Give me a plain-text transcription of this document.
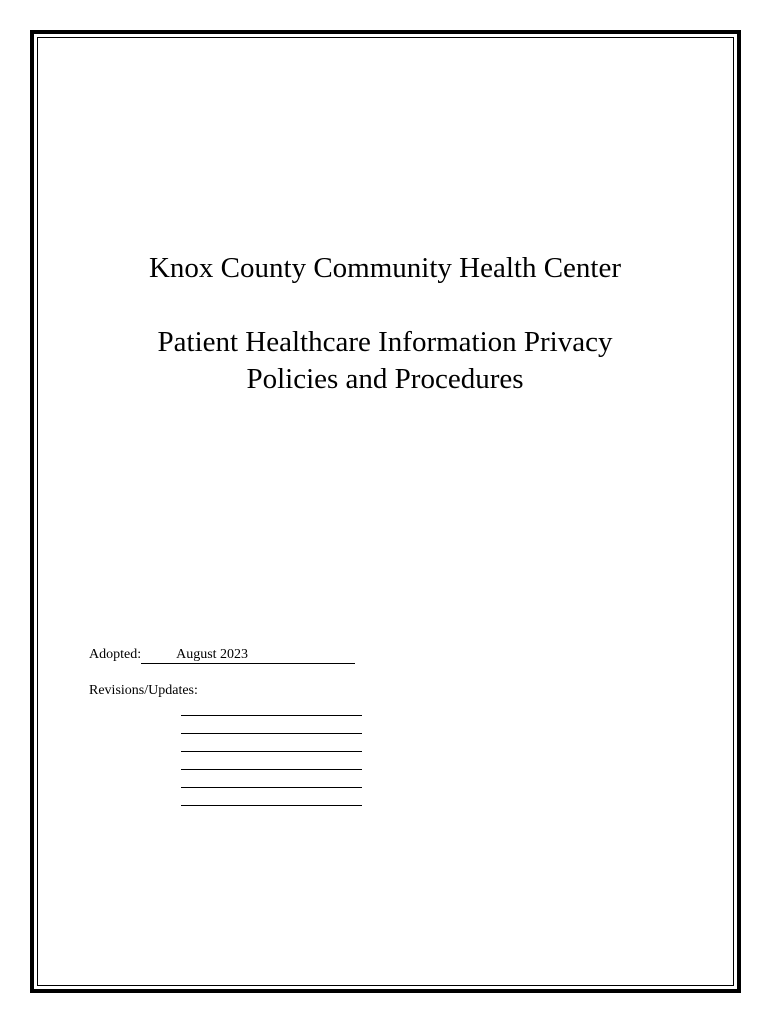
Knox County Community Health Center
Patient Healthcare Information Privacy
Policies and Procedures
Adopted:	August 2023
Revisions/Updates:
